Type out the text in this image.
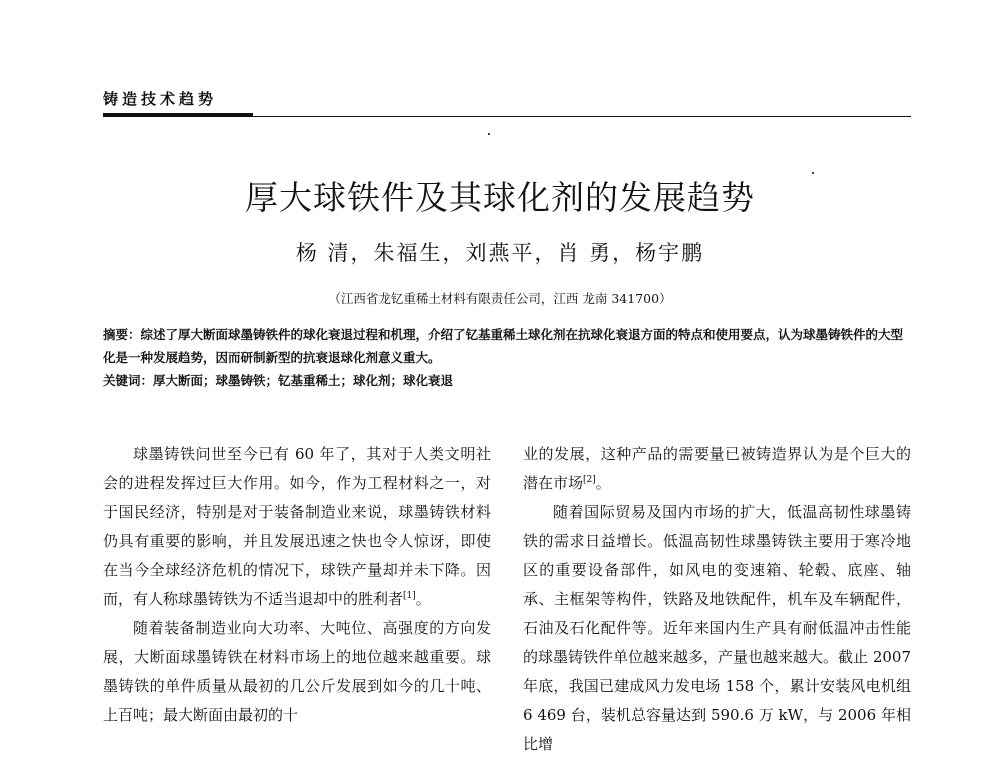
铸造技术趋势
厚大球铁件及其球化剂的发展趋势
杨 清，朱福生，刘燕平，肖 勇，杨宇鹏
（江西省龙钇重稀土材料有限责任公司，江西 龙南 341700）
摘要：综述了厚大断面球墨铸铁件的球化衰退过程和机理，介绍了钇基重稀土球化剂在抗球化衰退方面的特点和使用要点，认为球墨铸铁件的大型化是一种发展趋势，因而研制新型的抗衰退球化剂意义重大。
关键词：厚大断面；球墨铸铁；钇基重稀土；球化剂；球化衰退

球墨铸铁问世至今已有 60 年了，其对于人类文明社会的进程发挥过巨大作用。如今，作为工程材料之一，对于国民经济，特别是对于装备制造业来说，球墨铸铁材料仍具有重要的影响，并且发展迅速之快也令人惊讶，即使在当今全球经济危机的情况下，球铁产量却并未下降。因而，有人称球墨铸铁为不适当退却中的胜利者[1]。

随着装备制造业向大功率、大吨位、高强度的方向发展，大断面球墨铸铁在材料市场上的地位越来越重要。球墨铸铁的单件质量从最初的几公斤发展到如今的几十吨、上百吨；最大断面由最初的十

业的发展，这种产品的需要量已被铸造界认为是个巨大的潜在市场[2]。

随着国际贸易及国内市场的扩大，低温高韧性球墨铸铁的需求日益增长。低温高韧性球墨铸铁主要用于寒冷地区的重要设备部件，如风电的变速箱、轮毂、底座、轴承、主框架等构件，铁路及地铁配件，机车及车辆配件，石油及石化配件等。近年来国内生产具有耐低温冲击性能的球墨铸铁件单位越来越多，产量也越来越大。截止 2007 年底，我国已建成风力发电场 158 个，累计安装风电机组 6 469 台，装机总容量达到 590.6 万 kW，与 2006 年相比增
